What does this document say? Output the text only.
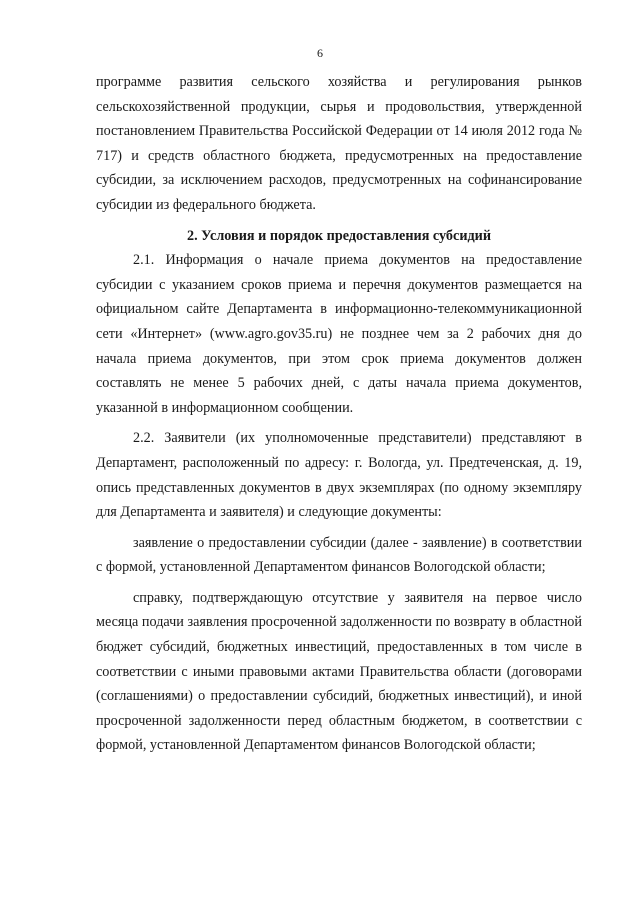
6

программе развития сельского хозяйства и регулирования рынков сельскохозяйственной продукции, сырья и продовольствия, утвержденной постановлением Правительства Российской Федерации от 14 июля 2012 года № 717) и средств областного бюджета, предусмотренных на предоставление субсидии, за исключением расходов, предусмотренных на софинансирование субсидии из федерального бюджета.

2. Условия и порядок предоставления субсидий

2.1. Информация о начале приема документов на предоставление субсидии с указанием сроков приема и перечня документов размещается на официальном сайте Департамента в информационно-телекоммуникационной сети «Интернет» (www.agro.gov35.ru) не позднее чем за 2 рабочих дня до начала приема документов, при этом срок приема документов должен составлять не менее 5 рабочих дней, с даты начала приема документов, указанной в информационном сообщении.

2.2. Заявители (их уполномоченные представители) представляют в Департамент, расположенный по адресу: г. Вологда, ул. Предтеченская, д. 19, опись представленных документов в двух экземплярах (по одному экземпляру для Департамента и заявителя) и следующие документы:

заявление о предоставлении субсидии (далее - заявление) в соответствии с формой, установленной Департаментом финансов Вологодской области;

справку, подтверждающую отсутствие у заявителя на первое число месяца подачи заявления просроченной задолженности по возврату в областной бюджет субсидий, бюджетных инвестиций, предоставленных в том числе в соответствии с иными правовыми актами Правительства области (договорами (соглашениями) о предоставлении субсидий, бюджетных инвестиций), и иной просроченной задолженности перед областным бюджетом, в соответствии с формой, установленной Департаментом финансов Вологодской области;
